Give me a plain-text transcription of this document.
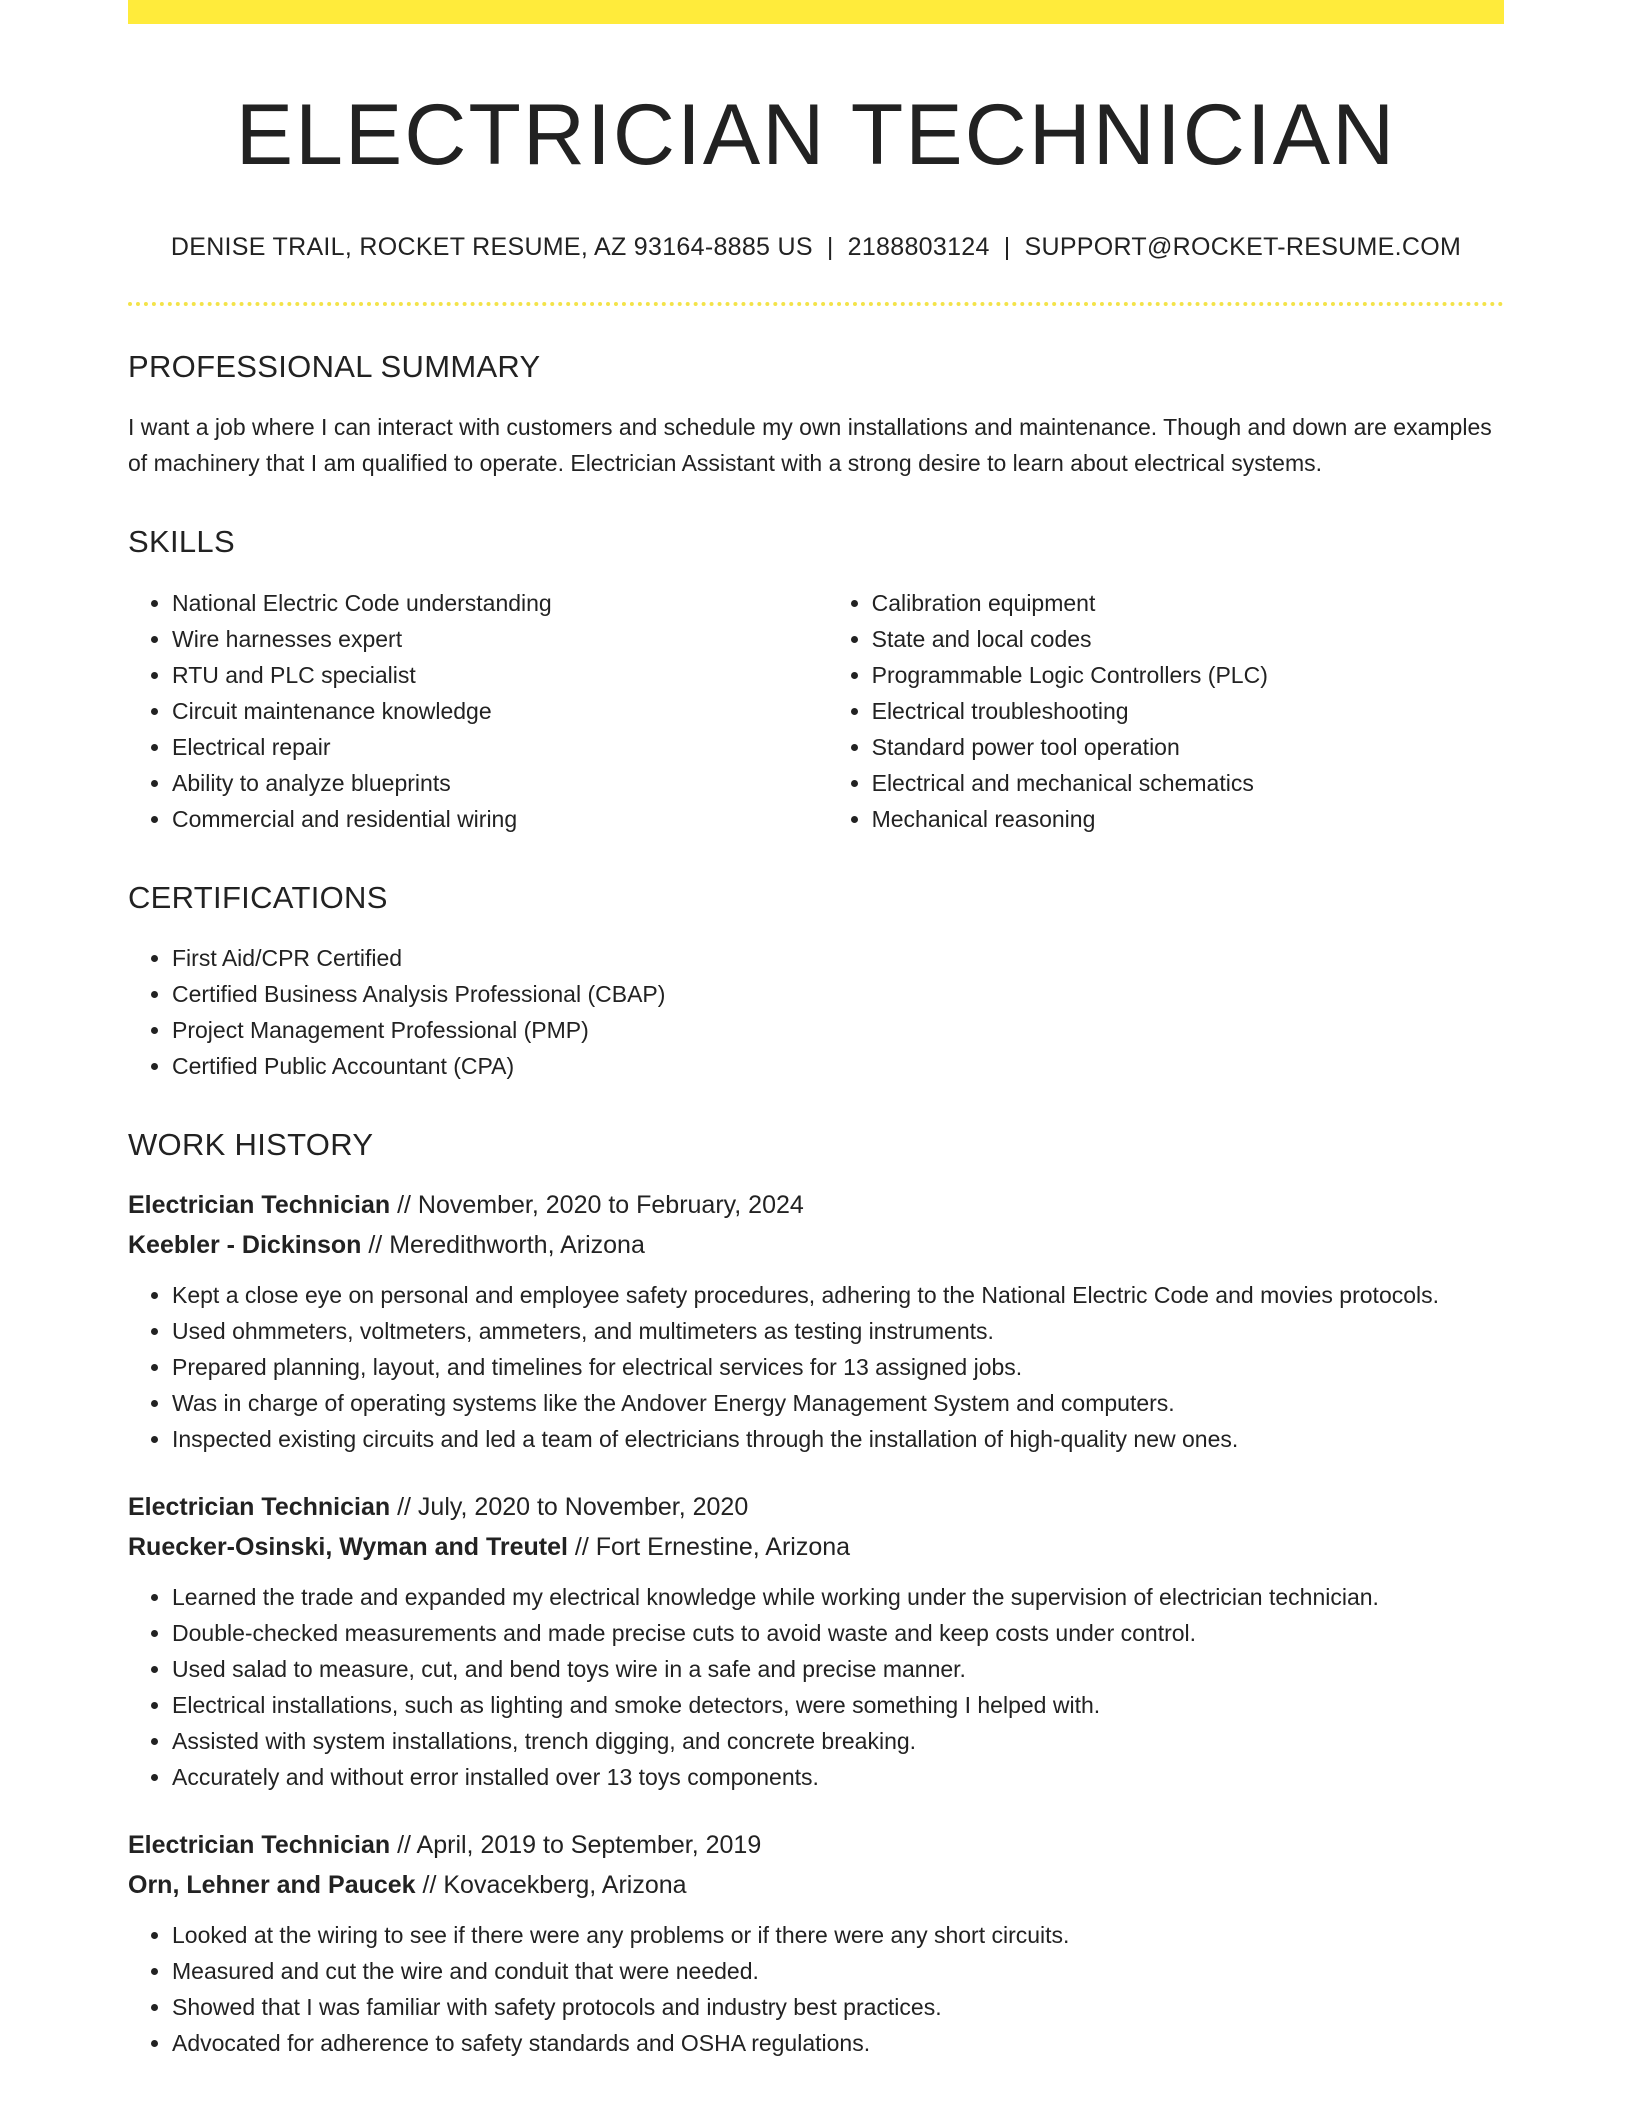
ELECTRICIAN TECHNICIAN
DENISE TRAIL, ROCKET RESUME, AZ 93164-8885 US | 2188803124 | SUPPORT@ROCKET-RESUME.COM
PROFESSIONAL SUMMARY

I want a job where I can interact with customers and schedule my own installations and maintenance. Though and down are examples of machinery that I am qualified to operate. Electrician Assistant with a strong desire to learn about electrical systems.

SKILLS
• National Electric Code understanding
• Wire harnesses expert
• RTU and PLC specialist
• Circuit maintenance knowledge
• Electrical repair
• Ability to analyze blueprints
• Commercial and residential wiring
• Calibration equipment
• State and local codes
• Programmable Logic Controllers (PLC)
• Electrical troubleshooting
• Standard power tool operation
• Electrical and mechanical schematics
• Mechanical reasoning
CERTIFICATIONS
• First Aid/CPR Certified
• Certified Business Analysis Professional (CBAP)
• Project Management Professional (PMP)
• Certified Public Accountant (CPA)
WORK HISTORY
Electrician Technician // November, 2020 to February, 2024
Keebler - Dickinson // Meredithworth, Arizona
• Kept a close eye on personal and employee safety procedures, adhering to the National Electric Code and movies protocols.
• Used ohmmeters, voltmeters, ammeters, and multimeters as testing instruments.
• Prepared planning, layout, and timelines for electrical services for 13 assigned jobs.
• Was in charge of operating systems like the Andover Energy Management System and computers.
• Inspected existing circuits and led a team of electricians through the installation of high-quality new ones.
Electrician Technician // July, 2020 to November, 2020
Ruecker-Osinski, Wyman and Treutel // Fort Ernestine, Arizona
• Learned the trade and expanded my electrical knowledge while working under the supervision of electrician technician.
• Double-checked measurements and made precise cuts to avoid waste and keep costs under control.
• Used salad to measure, cut, and bend toys wire in a safe and precise manner.
• Electrical installations, such as lighting and smoke detectors, were something I helped with.
• Assisted with system installations, trench digging, and concrete breaking.
• Accurately and without error installed over 13 toys components.
Electrician Technician // April, 2019 to September, 2019
Orn, Lehner and Paucek // Kovacekberg, Arizona
• Looked at the wiring to see if there were any problems or if there were any short circuits.
• Measured and cut the wire and conduit that were needed.
• Showed that I was familiar with safety protocols and industry best practices.
• Advocated for adherence to safety standards and OSHA regulations.
